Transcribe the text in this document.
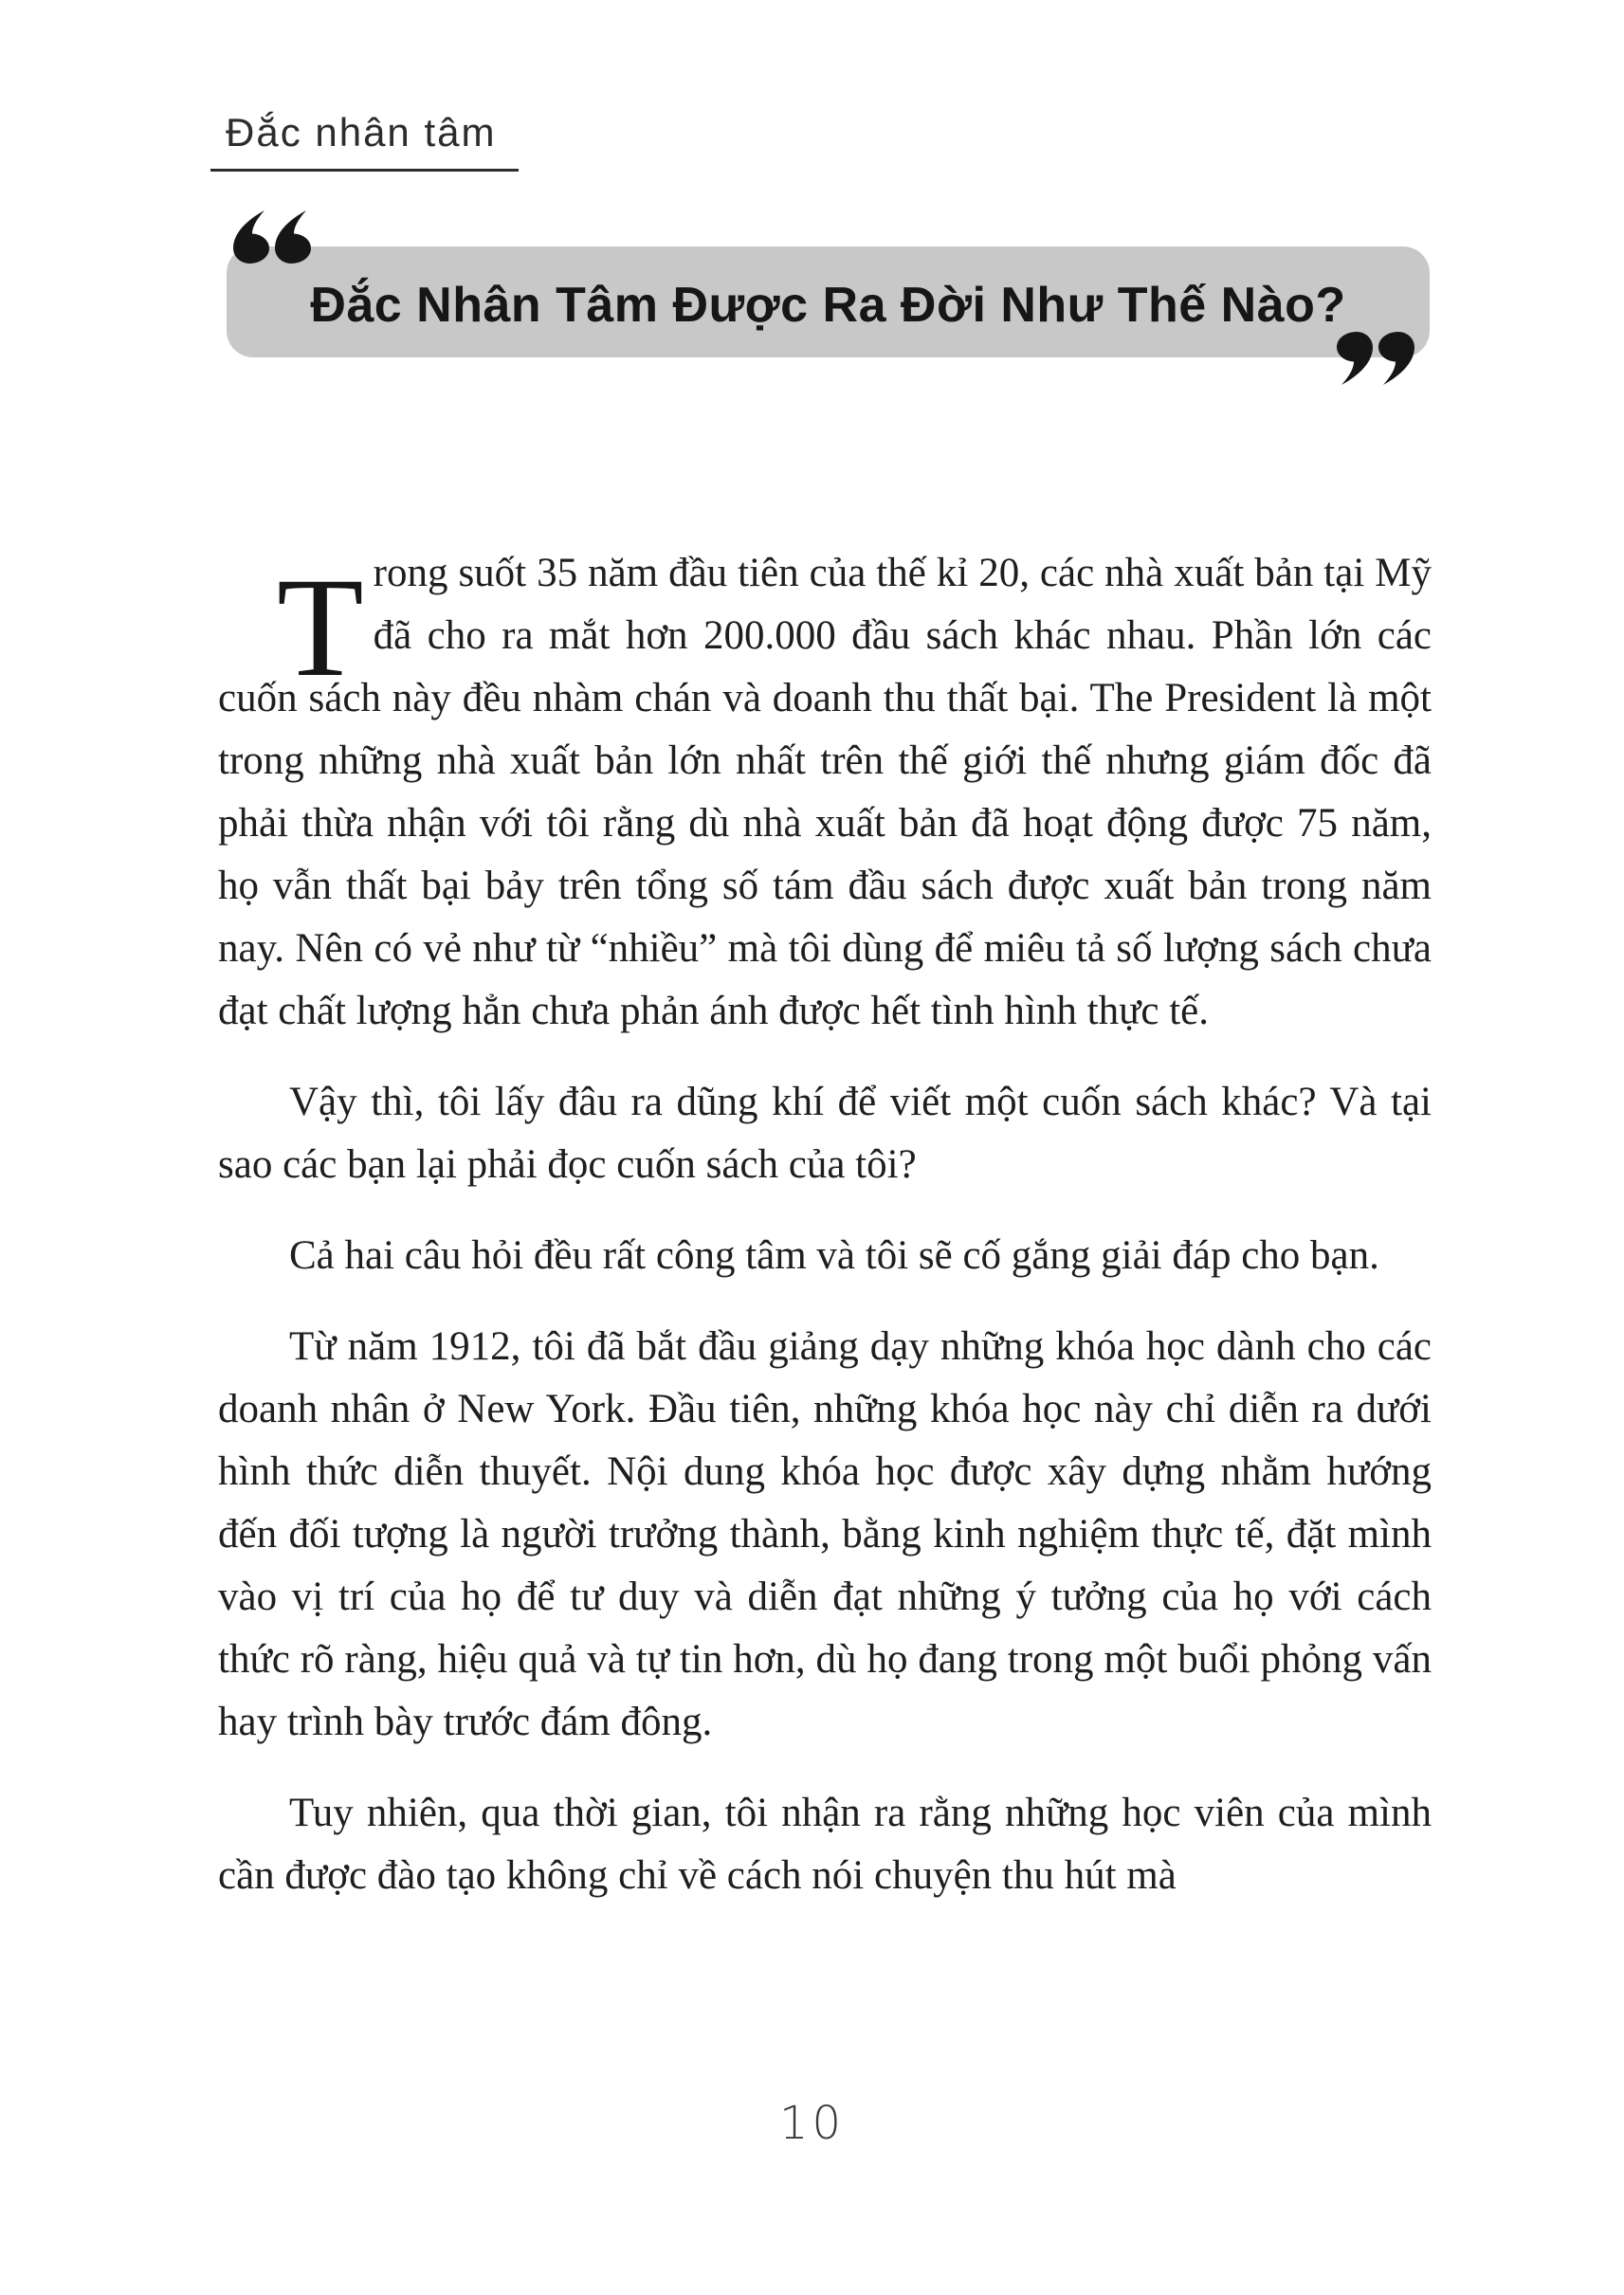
Đắc nhân tâm
Đắc Nhân Tâm Được Ra Đời Như Thế Nào?
Trong suốt 35 năm đầu tiên của thế kỉ 20, các nhà xuất bản tại Mỹ đã cho ra mắt hơn 200.000 đầu sách khác nhau. Phần lớn các cuốn sách này đều nhàm chán và doanh thu thất bại. The President là một trong những nhà xuất bản lớn nhất trên thế giới thế nhưng giám đốc đã phải thừa nhận với tôi rằng dù nhà xuất bản đã hoạt động được 75 năm, họ vẫn thất bại bảy trên tổng số tám đầu sách được xuất bản trong năm nay. Nên có vẻ như từ “nhiều” mà tôi dùng để miêu tả số lượng sách chưa đạt chất lượng hẳn chưa phản ánh được hết tình hình thực tế.
Vậy thì, tôi lấy đâu ra dũng khí để viết một cuốn sách khác? Và tại sao các bạn lại phải đọc cuốn sách của tôi?
Cả hai câu hỏi đều rất công tâm và tôi sẽ cố gắng giải đáp cho bạn.
Từ năm 1912, tôi đã bắt đầu giảng dạy những khóa học dành cho các doanh nhân ở New York. Đầu tiên, những khóa học này chỉ diễn ra dưới hình thức diễn thuyết. Nội dung khóa học được xây dựng nhằm hướng đến đối tượng là người trưởng thành, bằng kinh nghiệm thực tế, đặt mình vào vị trí của họ để tư duy và diễn đạt những ý tưởng của họ với cách thức rõ ràng, hiệu quả và tự tin hơn, dù họ đang trong một buổi phỏng vấn hay trình bày trước đám đông.
Tuy nhiên, qua thời gian, tôi nhận ra rằng những học viên của mình cần được đào tạo không chỉ về cách nói chuyện thu hút mà
10
